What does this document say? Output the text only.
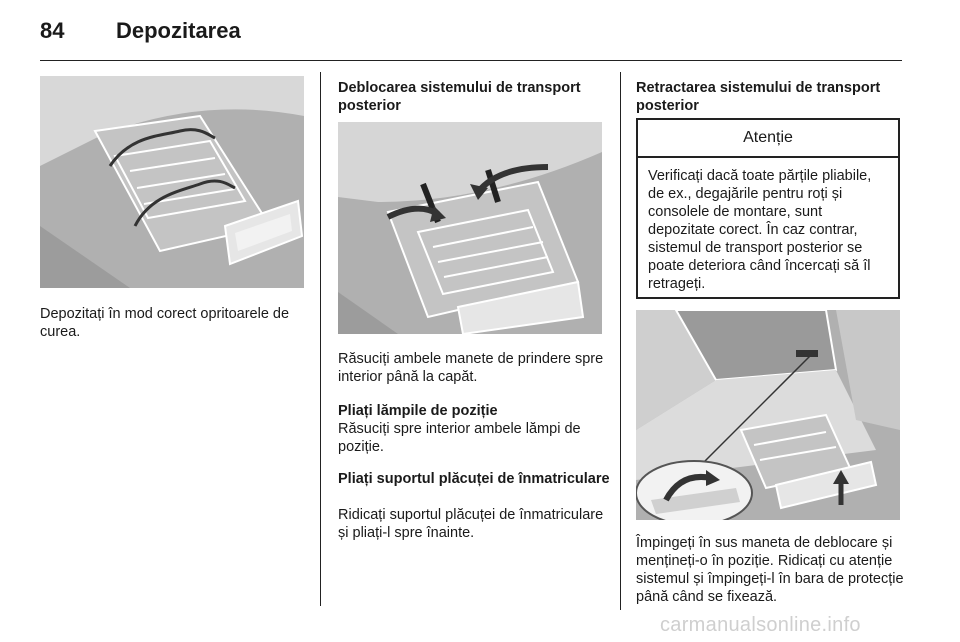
84 Depozitarea
Depozitați în mod corect opritoarele de curea.
Deblocarea sistemului de transport posterior
Răsuciți ambele manete de prindere spre interior până la capăt.
Pliați lămpile de poziție
Răsuciți spre interior ambele lămpi de poziție.
Pliați suportul plăcuței de înmatriculare
Ridicați suportul plăcuței de înmatriculare și pliați-l spre înainte.
Retractarea sistemului de transport posterior
Atenție
Verificați dacă toate părțile pliabile, de ex., degajările pentru roți și consolele de montare, sunt depozitate corect. În caz contrar, sistemul de transport posterior se poate deteriora când încercați să îl retrageți.
Împingeți în sus maneta de deblocare și mențineți-o în poziție. Ridicați cu atenție sistemul și împingeți-l în bara de protecție până când se fixează.
carmanualsonline.info
